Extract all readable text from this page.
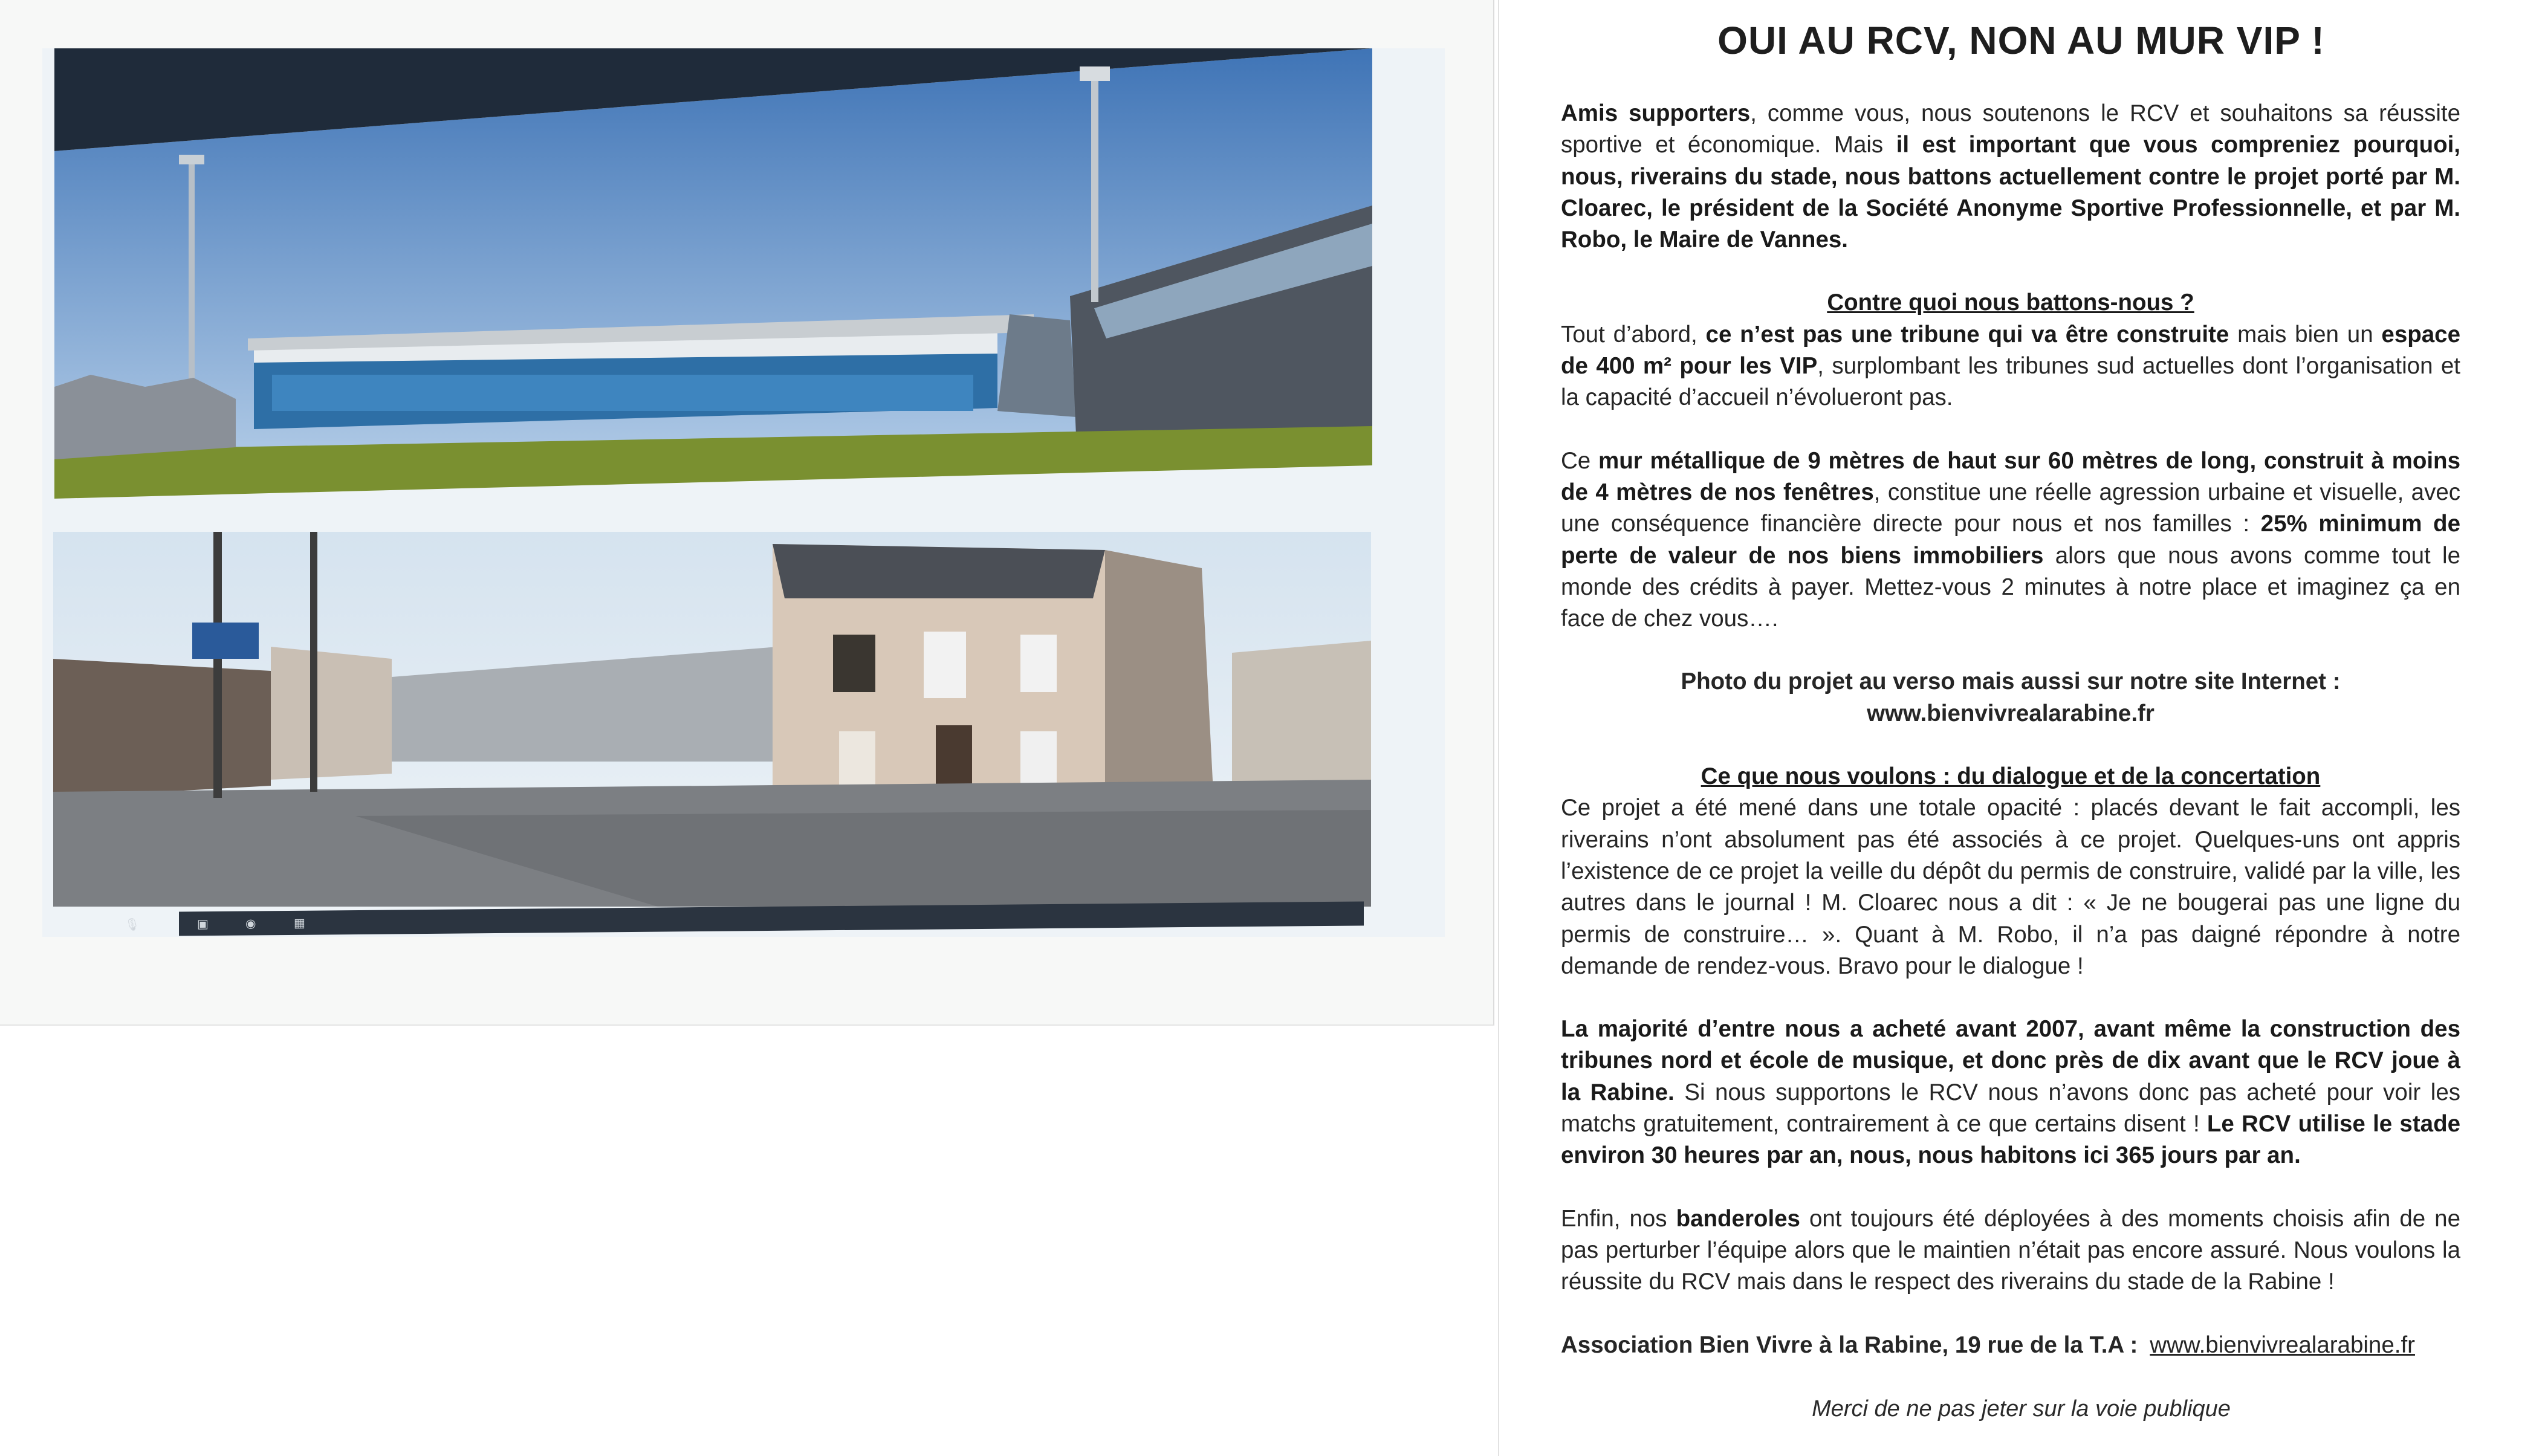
🎙	▣	◉	▦
OUI AU RCV, NON AU MUR VIP !

Amis supporters, comme vous, nous soutenons le RCV et souhaitons sa réussite sportive et économique. Mais il est important que vous compreniez pourquoi, nous, riverains du stade, nous battons actuellement contre le projet porté par M. Cloarec, le président de la Société Anonyme Sportive Professionnelle, et par M. Robo, le Maire de Vannes.

Contre quoi nous battons-nous ?
Tout d’abord, ce n’est pas une tribune qui va être construite mais bien un espace de 400 m² pour les VIP, surplombant les tribunes sud actuelles dont l’organisation et la capacité d’accueil n’évolueront pas.

Ce mur métallique de 9 mètres de haut sur 60 mètres de long, construit à moins de 4 mètres de nos fenêtres, constitue une réelle agression urbaine et visuelle, avec une conséquence financière directe pour nous et nos familles : 25% minimum de perte de valeur de nos biens immobiliers alors que nous avons comme tout le monde des crédits à payer. Mettez-vous 2 minutes à notre place et imaginez ça en face de chez vous….

Photo du projet au verso mais aussi sur notre site Internet :
www.bienvivrealarabine.fr

Ce que nous voulons : du dialogue et de la concertation
Ce projet a été mené dans une totale opacité : placés devant le fait accompli, les riverains n’ont absolument pas été associés à ce projet. Quelques-uns ont appris l’existence de ce projet la veille du dépôt du permis de construire, validé par la ville, les autres dans le journal ! M. Cloarec nous a dit : « Je ne bougerai pas une ligne du permis de construire… ». Quant à M. Robo, il n’a pas daigné répondre à notre demande de rendez-vous. Bravo pour le dialogue !

La majorité d’entre nous a acheté avant 2007, avant même la construction des tribunes nord et école de musique, et donc près de dix avant que le RCV joue à la Rabine. Si nous supportons le RCV nous n’avons donc pas acheté pour voir les matchs gratuitement, contrairement à ce que certains disent ! Le RCV utilise le stade environ 30 heures par an, nous, nous habitons ici 365 jours par an.

Enfin, nos banderoles ont toujours été déployées à des moments choisis afin de ne pas perturber l’équipe alors que le maintien n’était pas encore assuré. Nous voulons la réussite du RCV mais dans le respect des riverains du stade de la Rabine !

Association Bien Vivre à la Rabine, 19 rue de la T.A : www.bienvivrealarabine.fr

Merci de ne pas jeter sur la voie publique
